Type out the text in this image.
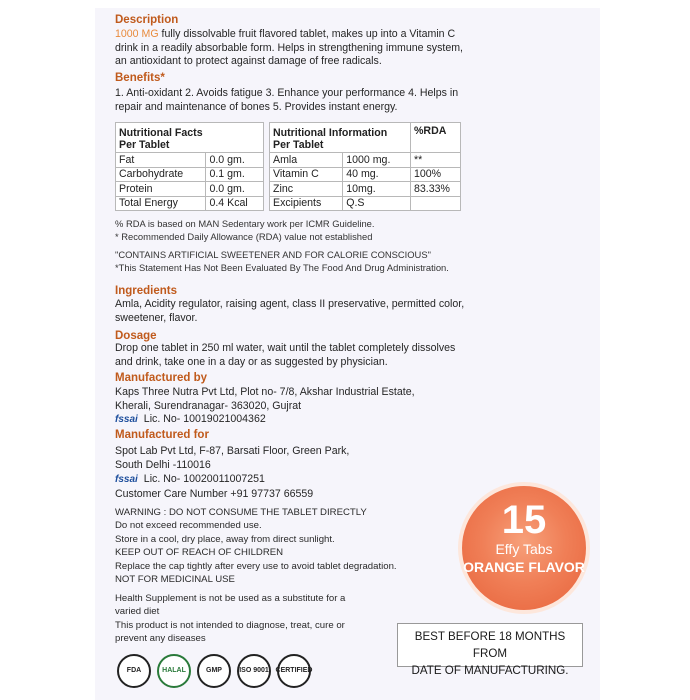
Description
1000 MG fully dissolvable fruit flavored tablet, makes up into a Vitamin C
drink in a readily absorbable form. Helps in strengthening immune system,
an antioxidant to protect against damage of free radicals.
Benefits*
1. Anti-oxidant 2. Avoids fatigue 3. Enhance your performance 4. Helps in
repair and maintenance of bones 5. Provides instant energy.
Nutritional Facts
Per Tablet	
Fat	0.0 gm.
Carbohydrate	0.1 gm.
Protein	0.0 gm.
Total Energy	0.4 Kcal
Nutritional Information
Per Tablet		%RDA
Amla	1000 mg.	**
Vitamin C	40 mg.	100%
Zinc	10mg.	83.33%
Excipients	Q.S	
% RDA is based on MAN Sedentary work per ICMR Guideline.
* Recommended Daily Allowance (RDA) value not established
"CONTAINS ARTIFICIAL SWEETENER AND FOR CALORIE CONSCIOUS"
*This Statement Has Not Been Evaluated By The Food And Drug Administration.
Ingredients
Amla, Acidity regulator, raising agent, class II preservative, permitted color,
sweetener, flavor.
Dosage
Drop one tablet in 250 ml water, wait until the tablet completely dissolves
and drink, take one in a day or as suggested by physician.
Manufactured by
Kaps Three Nutra Pvt Ltd, Plot no- 7/8, Akshar Industrial Estate,
Kherali, Surendranagar- 363020, Gujrat
fssai Lic. No- 10019021004362
Manufactured for
Spot Lab Pvt Ltd, F-87, Barsati Floor, Green Park,
South Delhi -110016
fssai Lic. No- 10020011007251
Customer Care Number +91 97737 66559
WARNING : DO NOT CONSUME THE TABLET DIRECTLY
Do not exceed recommended use.
Store in a cool, dry place, away from direct sunlight.
KEEP OUT OF REACH OF CHILDREN
Replace the cap tightly after every use to avoid tablet degradation.
NOT FOR MEDICINAL USE
Health Supplement is not be used as a substitute for a
varied diet
This product is not intended to diagnose, treat, cure or
prevent any diseases
15
Effy Tabs
ORANGE FLAVOR
BEST BEFORE 18 MONTHS FROM
DATE OF MANUFACTURING.
FDA	HALAL	GMP	ISO 9001 CERTIFIED
